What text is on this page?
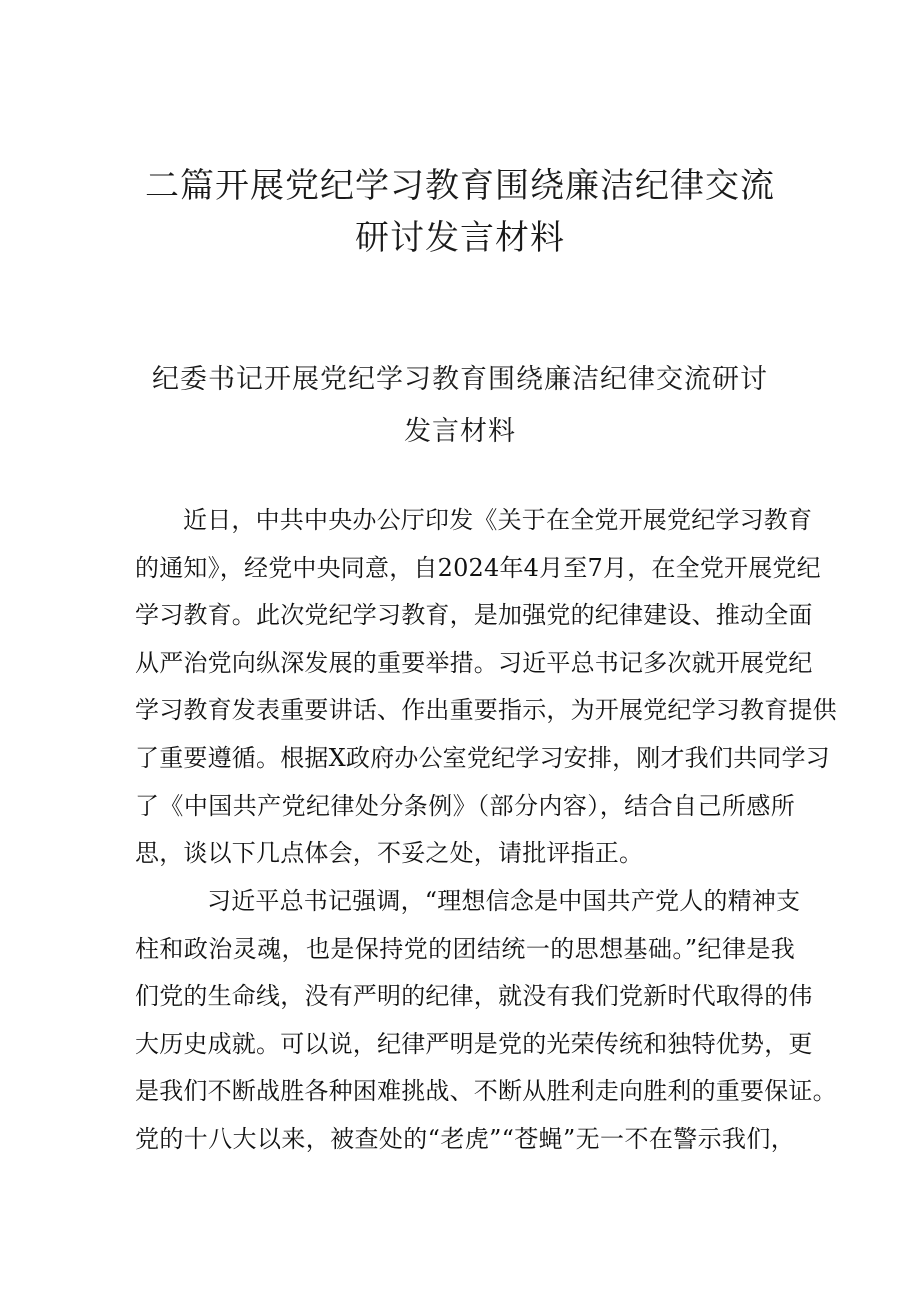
二篇开展党纪学习教育围绕廉洁纪律交流
研讨发言材料
纪委书记开展党纪学习教育围绕廉洁纪律交流研讨
发言材料

近日，中共中央办公厅印发《关于在全党开展党纪学习教育
的通知》，经党中央同意，自2024年4月至7月，在全党开展党纪
学习教育。此次党纪学习教育，是加强党的纪律建设、推动全面
从严治党向纵深发展的重要举措。习近平总书记多次就开展党纪
学习教育发表重要讲话、作出重要指示，为开展党纪学习教育提供
了重要遵循。根据X政府办公室党纪学习安排，刚才我们共同学习
了《中国共产党纪律处分条例》（部分内容），结合自己所感所
思，谈以下几点体会，不妥之处，请批评指正。

习近平总书记强调，“理想信念是中国共产党人的精神支
柱和政治灵魂，也是保持党的团结统一的思想基础。”纪律是我
们党的生命线，没有严明的纪律，就没有我们党新时代取得的伟
大历史成就。可以说，纪律严明是党的光荣传统和独特优势，更
是我们不断战胜各种困难挑战、不断从胜利走向胜利的重要保证。
党的十八大以来，被查处的“老虎”“苍蝇”无一不在警示我们，
